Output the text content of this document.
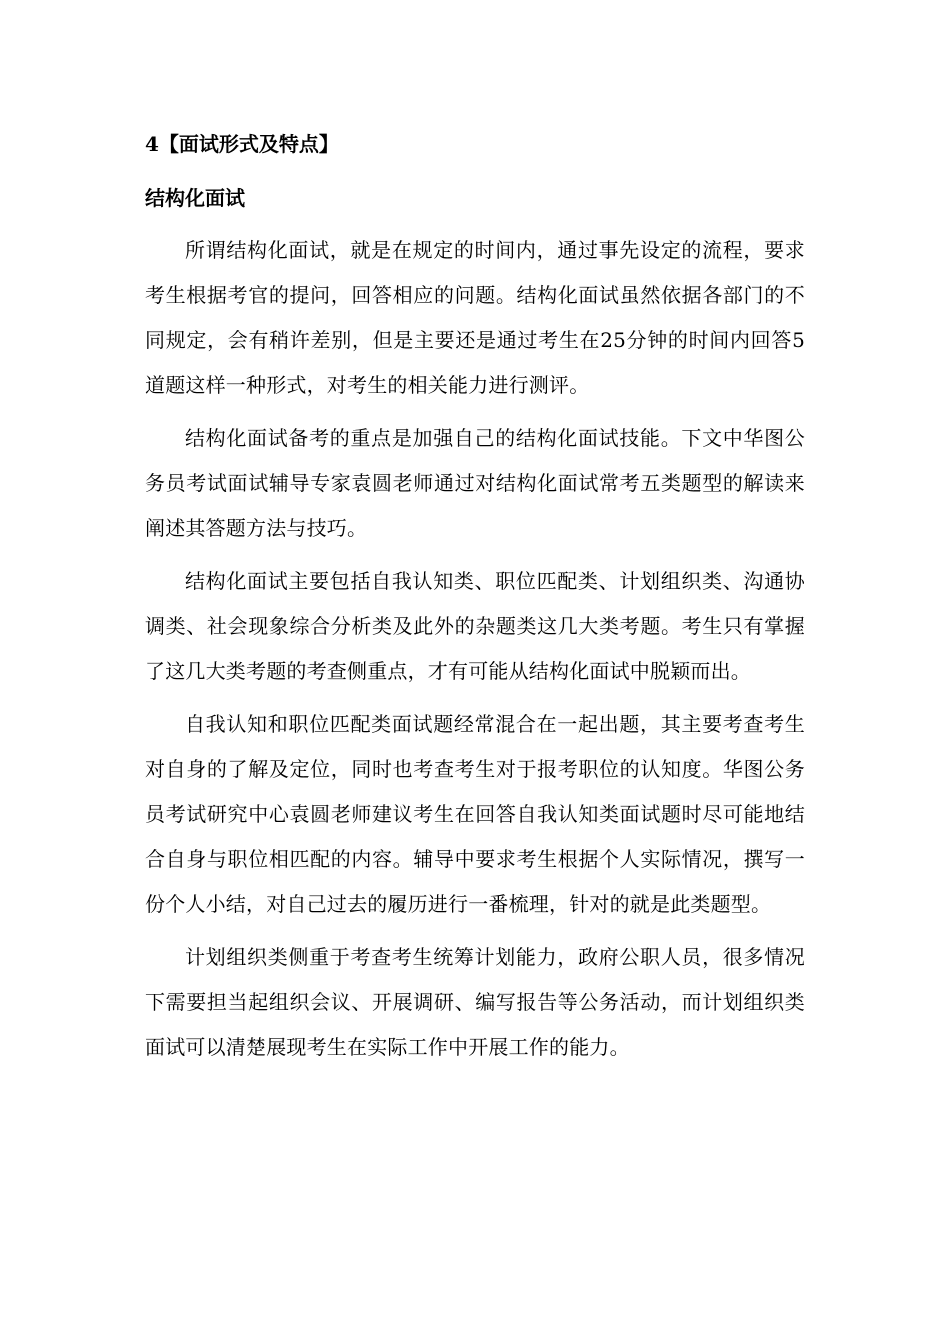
4【面试形式及特点】

结构化面试

所谓结构化面试，就是在规定的时间内，通过事先设定的流程，要求考生根据考官的提问，回答相应的问题。结构化面试虽然依据各部门的不同规定，会有稍许差别，但是主要还是通过考生在25分钟的时间内回答5道题这样一种形式，对考生的相关能力进行测评。

结构化面试备考的重点是加强自己的结构化面试技能。下文中华图公务员考试面试辅导专家袁圆老师通过对结构化面试常考五类题型的解读来阐述其答题方法与技巧。

结构化面试主要包括自我认知类、职位匹配类、计划组织类、沟通协调类、社会现象综合分析类及此外的杂题类这几大类考题。考生只有掌握了这几大类考题的考查侧重点，才有可能从结构化面试中脱颖而出。

自我认知和职位匹配类面试题经常混合在一起出题，其主要考查考生对自身的了解及定位，同时也考查考生对于报考职位的认知度。华图公务员考试研究中心袁圆老师建议考生在回答自我认知类面试题时尽可能地结合自身与职位相匹配的内容。辅导中要求考生根据个人实际情况，撰写一份个人小结，对自己过去的履历进行一番梳理，针对的就是此类题型。

计划组织类侧重于考查考生统筹计划能力，政府公职人员，很多情况下需要担当起组织会议、开展调研、编写报告等公务活动，而计划组织类面试可以清楚展现考生在实际工作中开展工作的能力。
